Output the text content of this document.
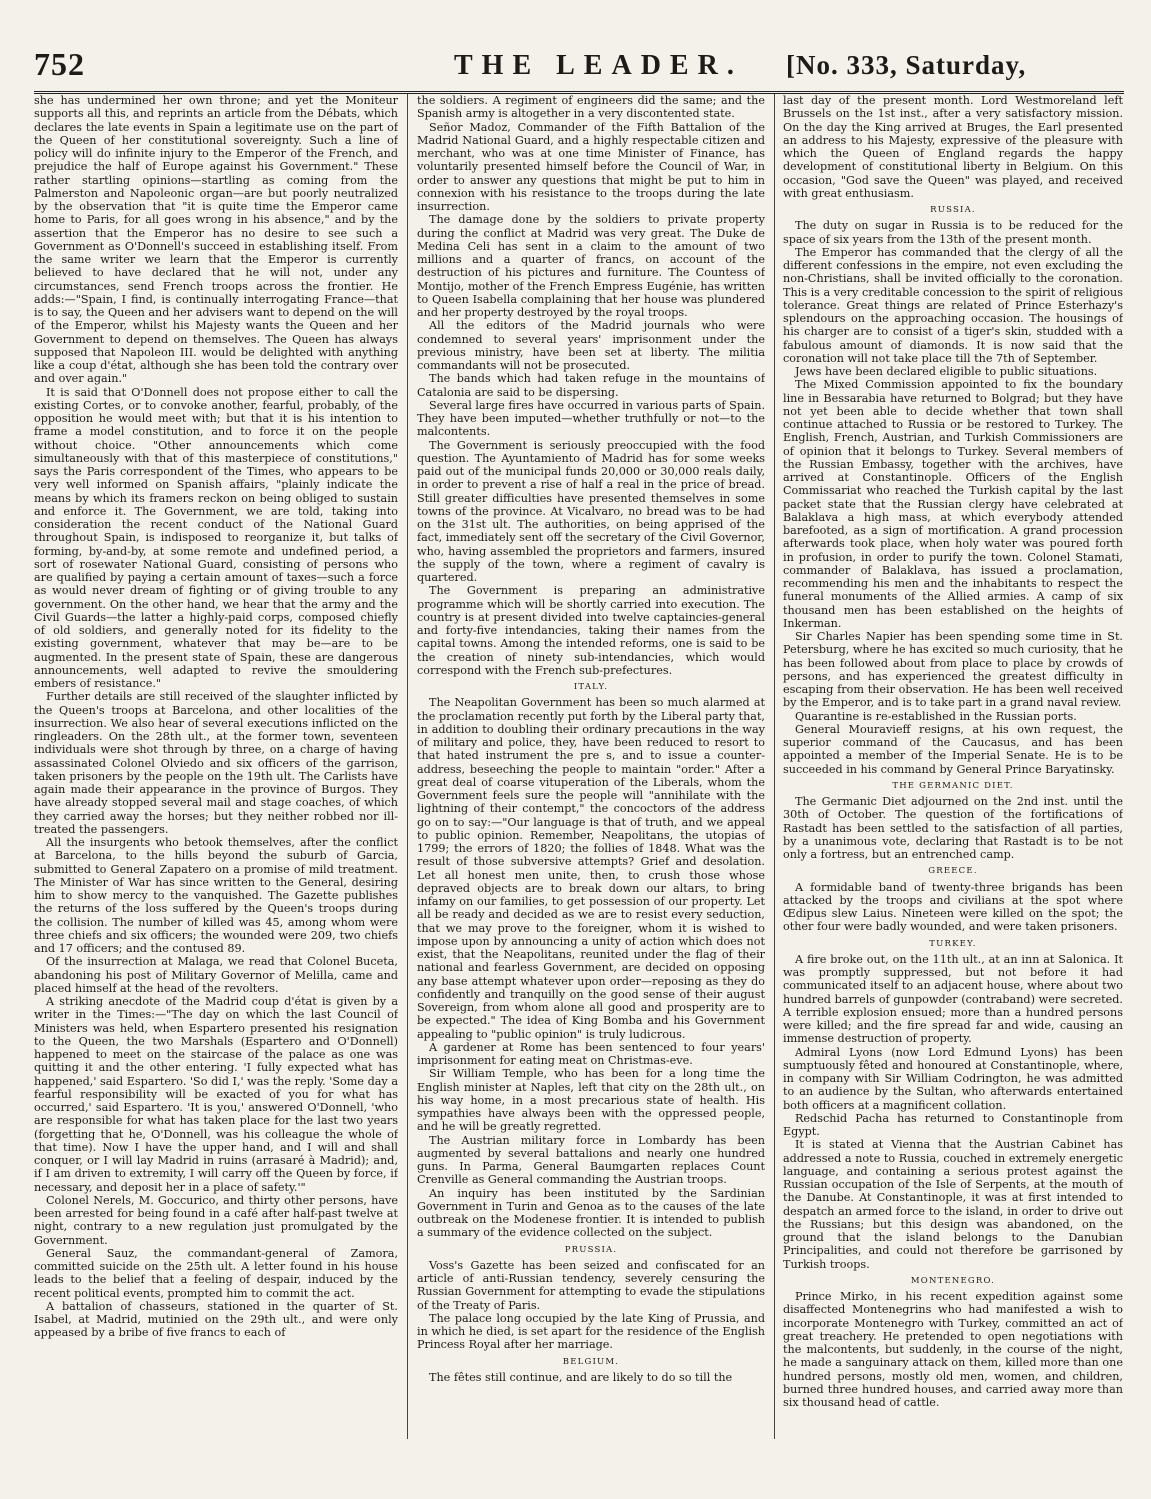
752	THE LEADER. [No. 333, Saturday,

she has undermined her own throne; and yet the Moniteur supports all this, and reprints an article from the Débats, which declares the late events in Spain a legitimate use on the part of the Queen of her constitutional sovereignty. Such a line of policy will do infinite injury to the Emperor of the French, and prejudice the half of Europe against his Government." These rather startling opinions—startling as coming from the Palmerston and Napoleonic organ—are but poorly neutralized by the observation that "it is quite time the Emperor came home to Paris, for all goes wrong in his absence," and by the assertion that the Emperor has no desire to see such a Government as O'Donnell's succeed in establishing itself. From the same writer we learn that the Emperor is currently believed to have declared that he will not, under any circumstances, send French troops across the frontier. He adds:—"Spain, I find, is continually interrogating France—that is to say, the Queen and her advisers want to depend on the will of the Emperor, whilst his Majesty wants the Queen and her Government to depend on themselves. The Queen has always supposed that Napoleon III. would be delighted with anything like a coup d'état, although she has been told the contrary over and over again."

It is said that O'Donnell does not propose either to call the existing Cortes, or to convoke another, fearful, probably, of the opposition he would meet with; but that it is his intention to frame a model constitution, and to force it on the people without choice. "Other announcements which come simultaneously with that of this masterpiece of constitutions," says the Paris correspondent of the Times, who appears to be very well informed on Spanish affairs, "plainly indicate the means by which its framers reckon on being obliged to sustain and enforce it. The Government, we are told, taking into consideration the recent conduct of the National Guard throughout Spain, is indisposed to reorganize it, but talks of forming, by-and-by, at some remote and undefined period, a sort of rosewater National Guard, consisting of persons who are qualified by paying a certain amount of taxes—such a force as would never dream of fighting or of giving trouble to any government. On the other hand, we hear that the army and the Civil Guards—the latter a highly-paid corps, composed chiefly of old soldiers, and generally noted for its fidelity to the existing government, whatever that may be—are to be augmented. In the present state of Spain, these are dangerous announcements, well adapted to revive the smouldering embers of resistance."

Further details are still received of the slaughter inflicted by the Queen's troops at Barcelona, and other localities of the insurrection. We also hear of several executions inflicted on the ringleaders. On the 28th ult., at the former town, seventeen individuals were shot through by three, on a charge of having assassinated Colonel Olviedo and six officers of the garrison, taken prisoners by the people on the 19th ult. The Carlists have again made their appearance in the province of Burgos. They have already stopped several mail and stage coaches, of which they carried away the horses; but they neither robbed nor ill-treated the passengers.

All the insurgents who betook themselves, after the conflict at Barcelona, to the hills beyond the suburb of Garcia, submitted to General Zapatero on a promise of mild treatment. The Minister of War has since written to the General, desiring him to show mercy to the vanquished. The Gazette publishes the returns of the loss suffered by the Queen's troops during the collision. The number of killed was 45, among whom were three chiefs and six officers; the wounded were 209, two chiefs and 17 officers; and the contused 89.

Of the insurrection at Malaga, we read that Colonel Buceta, abandoning his post of Military Governor of Melilla, came and placed himself at the head of the revolters.

A striking anecdote of the Madrid coup d'état is given by a writer in the Times:—"The day on which the last Council of Ministers was held, when Espartero presented his resignation to the Queen, the two Marshals (Espartero and O'Donnell) happened to meet on the staircase of the palace as one was quitting it and the other entering. 'I fully expected what has happened,' said Espartero. 'So did I,' was the reply. 'Some day a fearful responsibility will be exacted of you for what has occurred,' said Espartero. 'It is you,' answered O'Donnell, 'who are responsible for what has taken place for the last two years (forgetting that he, O'Donnell, was his colleague the whole of that time). Now I have the upper hand, and I will and shall conquer, or I will lay Madrid in ruins (arrasaré à Madrid); and, if I am driven to extremity, I will carry off the Queen by force, if necessary, and deposit her in a place of safety.'"

Colonel Nerels, M. Goccurico, and thirty other persons, have been arrested for being found in a café after half-past twelve at night, contrary to a new regulation just promulgated by the Government.

General Sauz, the commandant-general of Zamora, committed suicide on the 25th ult. A letter found in his house leads to the belief that a feeling of despair, induced by the recent political events, prompted him to commit the act.

A battalion of chasseurs, stationed in the quarter of St. Isabel, at Madrid, mutinied on the 29th ult., and were only appeased by a bribe of five francs to each of

the soldiers. A regiment of engineers did the same; and the Spanish army is altogether in a very discontented state.

Señor Madoz, Commander of the Fifth Battalion of the Madrid National Guard, and a highly respectable citizen and merchant, who was at one time Minister of Finance, has voluntarily presented himself before the Council of War, in order to answer any questions that might be put to him in connexion with his resistance to the troops during the late insurrection.

The damage done by the soldiers to private property during the conflict at Madrid was very great. The Duke de Medina Celi has sent in a claim to the amount of two millions and a quarter of francs, on account of the destruction of his pictures and furniture. The Countess of Montijo, mother of the French Empress Eugénie, has written to Queen Isabella complaining that her house was plundered and her property destroyed by the royal troops.

All the editors of the Madrid journals who were condemned to several years' imprisonment under the previous ministry, have been set at liberty. The militia commandants will not be prosecuted.

The bands which had taken refuge in the mountains of Catalonia are said to be dispersing.

Several large fires have occurred in various parts of Spain. They have been imputed—whether truthfully or not—to the malcontents.

The Government is seriously preoccupied with the food question. The Ayuntamiento of Madrid has for some weeks paid out of the municipal funds 20,000 or 30,000 reals daily, in order to prevent a rise of half a real in the price of bread. Still greater difficulties have presented themselves in some towns of the province. At Vicalvaro, no bread was to be had on the 31st ult. The authorities, on being apprised of the fact, immediately sent off the secretary of the Civil Governor, who, having assembled the proprietors and farmers, insured the supply of the town, where a regiment of cavalry is quartered.

The Government is preparing an administrative programme which will be shortly carried into execution. The country is at present divided into twelve captaincies-general and forty-five intendancies, taking their names from the capital towns. Among the intended reforms, one is said to be the creation of ninety sub-intendancies, which would correspond with the French sub-prefectures.

ITALY.

The Neapolitan Government has been so much alarmed at the proclamation recently put forth by the Liberal party that, in addition to doubling their ordinary precautions in the way of military and police, they, have been reduced to resort to that hated instrument the pre s, and to issue a counter-address, beseeching the people to maintain "order." After a great deal of coarse vituperation of the Liberals, whom the Government feels sure the people will "annihilate with the lightning of their contempt," the concoctors of the address go on to say:—"Our language is that of truth, and we appeal to public opinion. Remember, Neapolitans, the utopias of 1799; the errors of 1820; the follies of 1848. What was the result of those subversive attempts? Grief and desolation. Let all honest men unite, then, to crush those whose depraved objects are to break down our altars, to bring infamy on our families, to get possession of our property. Let all be ready and decided as we are to resist every seduction, that we may prove to the foreigner, whom it is wished to impose upon by announcing a unity of action which does not exist, that the Neapolitans, reunited under the flag of their national and fearless Government, are decided on opposing any base attempt whatever upon order—reposing as they do confidently and tranquilly on the good sense of their august Sovereign, from whom alone all good and prosperity are to be expected." The idea of King Bomba and his Government appealing to "public opinion" is truly ludicrous.

A gardener at Rome has been sentenced to four years' imprisonment for eating meat on Christmas-eve.

Sir William Temple, who has been for a long time the English minister at Naples, left that city on the 28th ult., on his way home, in a most precarious state of health. His sympathies have always been with the oppressed people, and he will be greatly regretted.

The Austrian military force in Lombardy has been augmented by several battalions and nearly one hundred guns. In Parma, General Baumgarten replaces Count Crenville as General commanding the Austrian troops.

An inquiry has been instituted by the Sardinian Government in Turin and Genoa as to the causes of the late outbreak on the Modenese frontier. It is intended to publish a summary of the evidence collected on the subject.

PRUSSIA.

Voss's Gazette has been seized and confiscated for an article of anti-Russian tendency, severely censuring the Russian Government for attempting to evade the stipulations of the Treaty of Paris.

The palace long occupied by the late King of Prussia, and in which he died, is set apart for the residence of the English Princess Royal after her marriage.

BELGIUM.

The fêtes still continue, and are likely to do so till the

last day of the present month. Lord Westmoreland left Brussels on the 1st inst., after a very satisfactory mission. On the day the King arrived at Bruges, the Earl presented an address to his Majesty, expressive of the pleasure with which the Queen of England regards the happy development of constitutional liberty in Belgium. On this occasion, "God save the Queen" was played, and received with great enthusiasm.

RUSSIA.

The duty on sugar in Russia is to be reduced for the space of six years from the 13th of the present month.

The Emperor has commanded that the clergy of all the different confessions in the empire, not even excluding the non-Christians, shall be invited officially to the coronation. This is a very creditable concession to the spirit of religious tolerance. Great things are related of Prince Esterhazy's splendours on the approaching occasion. The housings of his charger are to consist of a tiger's skin, studded with a fabulous amount of diamonds. It is now said that the coronation will not take place till the 7th of September.

Jews have been declared eligible to public situations.

The Mixed Commission appointed to fix the boundary line in Bessarabia have returned to Bolgrad; but they have not yet been able to decide whether that town shall continue attached to Russia or be restored to Turkey. The English, French, Austrian, and Turkish Commissioners are of opinion that it belongs to Turkey. Several members of the Russian Embassy, together with the archives, have arrived at Constantinople. Officers of the English Commissariat who reached the Turkish capital by the last packet state that the Russian clergy have celebrated at Balaklava a high mass, at which everybody attended barefooted, as a sign of mortification. A grand procession afterwards took place, when holy water was poured forth in profusion, in order to purify the town. Colonel Stamati, commander of Balaklava, has issued a proclamation, recommending his men and the inhabitants to respect the funeral monuments of the Allied armies. A camp of six thousand men has been established on the heights of Inkerman.

Sir Charles Napier has been spending some time in St. Petersburg, where he has excited so much curiosity, that he has been followed about from place to place by crowds of persons, and has experienced the greatest difficulty in escaping from their observation. He has been well received by the Emperor, and is to take part in a grand naval review.

Quarantine is re-established in the Russian ports.

General Mouravieff resigns, at his own request, the superior command of the Caucasus, and has been appointed a member of the Imperial Senate. He is to be succeeded in his command by General Prince Baryatinsky.

THE GERMANIC DIET.

The Germanic Diet adjourned on the 2nd inst. until the 30th of October. The question of the fortifications of Rastadt has been settled to the satisfaction of all parties, by a unanimous vote, declaring that Rastadt is to be not only a fortress, but an entrenched camp.

GREECE.

A formidable band of twenty-three brigands has been attacked by the troops and civilians at the spot where Œdipus slew Laius. Nineteen were killed on the spot; the other four were badly wounded, and were taken prisoners.

TURKEY.

A fire broke out, on the 11th ult., at an inn at Salonica. It was promptly suppressed, but not before it had communicated itself to an adjacent house, where about two hundred barrels of gunpowder (contraband) were secreted. A terrible explosion ensued; more than a hundred persons were killed; and the fire spread far and wide, causing an immense destruction of property.

Admiral Lyons (now Lord Edmund Lyons) has been sumptuously fêted and honoured at Constantinople, where, in company with Sir William Codrington, he was admitted to an audience by the Sultan, who afterwards entertained both officers at a magnificent collation.

Redschid Pacha has returned to Constantinople from Egypt.

It is stated at Vienna that the Austrian Cabinet has addressed a note to Russia, couched in extremely energetic language, and containing a serious protest against the Russian occupation of the Isle of Serpents, at the mouth of the Danube. At Constantinople, it was at first intended to despatch an armed force to the island, in order to drive out the Russians; but this design was abandoned, on the ground that the island belongs to the Danubian Principalities, and could not therefore be garrisoned by Turkish troops.

MONTENEGRO.

Prince Mirko, in his recent expedition against some disaffected Montenegrins who had manifested a wish to incorporate Montenegro with Turkey, committed an act of great treachery. He pretended to open negotiations with the malcontents, but suddenly, in the course of the night, he made a sanguinary attack on them, killed more than one hundred persons, mostly old men, women, and children, burned three hundred houses, and carried away more than six thousand head of cattle.
